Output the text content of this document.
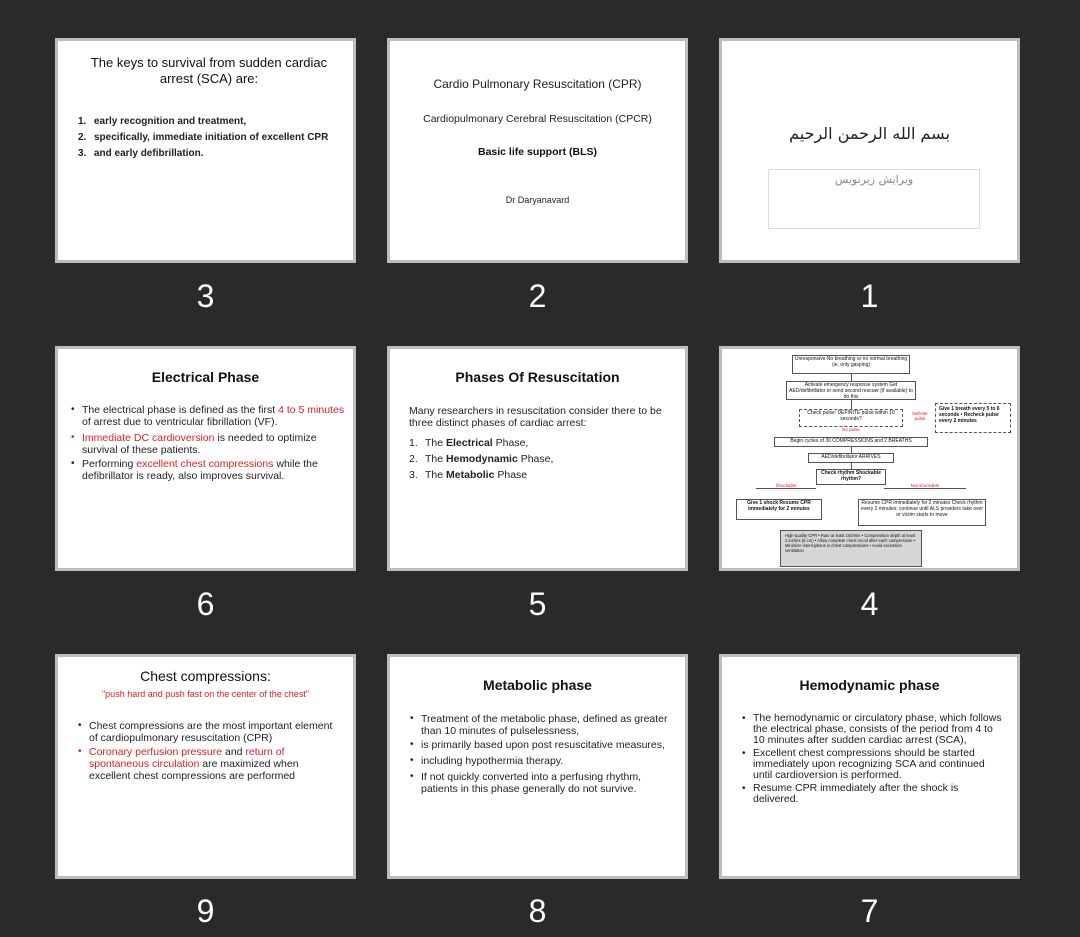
The keys to survival from sudden cardiac arrest (SCA) are:
1. early recognition and treatment,
2. specifically, immediate initiation of excellent CPR
3. and early defibrillation.
3
Cardio Pulmonary Resuscitation (CPR)
Cardiopulmonary Cerebral Resuscitation (CPCR)
Basic life support (BLS)
Dr Daryanavard
2
بسم الله الرحمن الرحیم
ویرایش زیرنویس
1
Electrical Phase
• The electrical phase is defined as the first 4 to 5 minutes of arrest due to ventricular fibrillation (VF).
• Immediate DC cardioversion is needed to optimize survival of these patients.
• Performing excellent chest compressions while the defibrillator is ready, also improves survival.
6
Phases Of Resuscitation
Many researchers in resuscitation consider there to be three distinct phases of cardiac arrest:
1. The Electrical Phase,
2. The Hemodynamic Phase,
3. The Metabolic Phase
5
Unresponsive No breathing or no normal breathing (ie, only gasping)
Activate emergency response system Get AED/defibrillator or send second rescuer (if available) to do this
Check pulse: DEFINITE pulse within 10 seconds?
Definite pulse
Give 1 breath every 5 to 6 seconds • Recheck pulse every 2 minutes
No pulse
Begin cycles of 30 COMPRESSIONS and 2 BREATHS
AED/defibrillator ARRIVES
Check rhythm Shockable rhythm?
Shockable	Not shockable
Give 1 shock Resume CPR immediately for 2 minutes
Resume CPR immediately for 2 minutes Check rhythm every 2 minutes; continue until ALS providers take over or victim starts to move
High-quality CPR • Rate at least 100/min • Compression depth at least 2 inches (5 cm) • Allow complete chest recoil after each compression • Minimize interruptions in chest compressions • Avoid excessive ventilation
4
Chest compressions:
"push hard and push fast on the center of the chest"
• Chest compressions are the most important element of cardiopulmonary resuscitation (CPR)
• Coronary perfusion pressure and return of spontaneous circulation are maximized when excellent chest compressions are performed
9
Metabolic phase
• Treatment of the metabolic phase, defined as greater than 10 minutes of pulselessness,
• is primarily based upon post resuscitative measures,
• including hypothermia therapy.
• If not quickly converted into a perfusing rhythm, patients in this phase generally do not survive.
8
Hemodynamic phase
• The hemodynamic or circulatory phase, which follows the electrical phase, consists of the period from 4 to 10 minutes after sudden cardiac arrest (SCA),
• Excellent chest compressions should be started immediately upon recognizing SCA and continued until cardioversion is performed.
• Resume CPR immediately after the shock is delivered.
7
